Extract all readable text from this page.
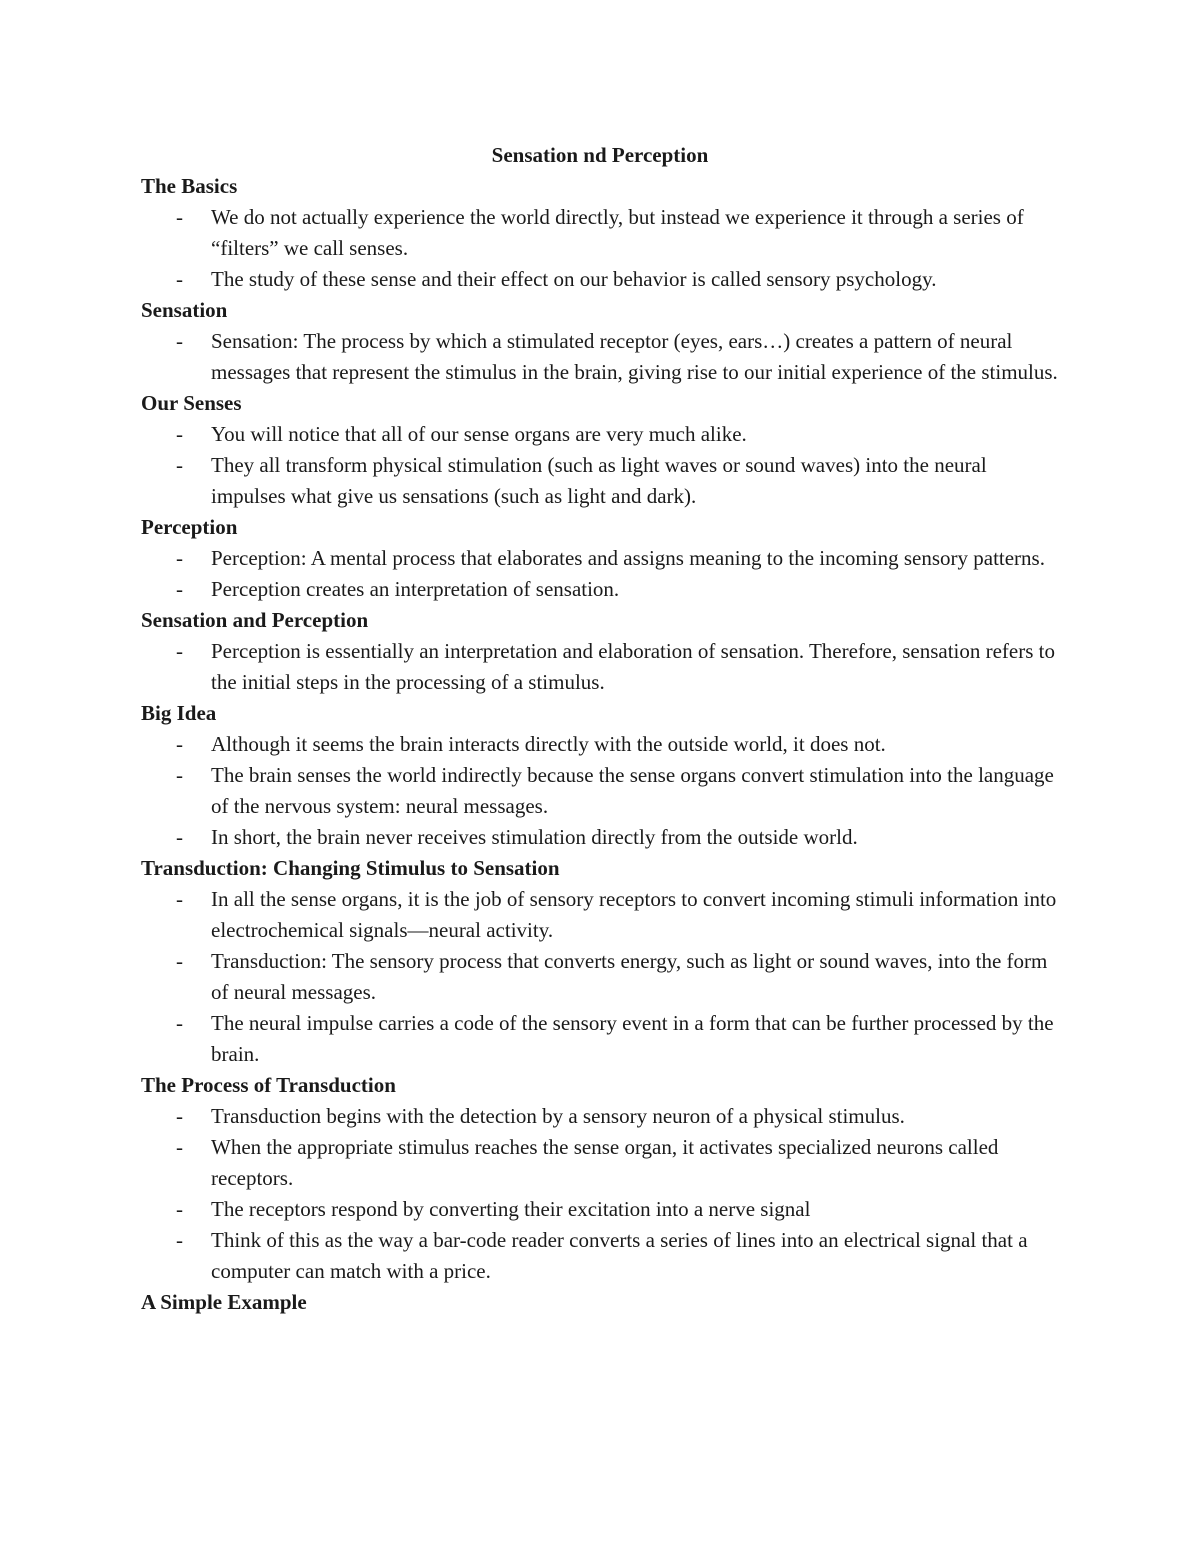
Sensation nd Perception
The Basics
-	We do not actually experience the world directly, but instead we experience it through a series of “filters” we call senses.
-	The study of these sense and their effect on our behavior is called sensory psychology.
Sensation
-	Sensation: The process by which a stimulated receptor (eyes, ears…) creates a pattern of neural messages that represent the stimulus in the brain, giving rise to our initial experience of the stimulus.
Our Senses
-	You will notice that all of our sense organs are very much alike.
-	They all transform physical stimulation (such as light waves or sound waves) into the neural impulses what give us sensations (such as light and dark).
Perception
-	Perception: A mental process that elaborates and assigns meaning to the incoming sensory patterns.
-	Perception creates an interpretation of sensation.
Sensation and Perception
-	Perception is essentially an interpretation and elaboration of sensation. Therefore, sensation refers to the initial steps in the processing of a stimulus.
Big Idea
-	Although it seems the brain interacts directly with the outside world, it does not.
-	The brain senses the world indirectly because the sense organs convert stimulation into the language of the nervous system: neural messages.
-	In short, the brain never receives stimulation directly from the outside world.
Transduction: Changing Stimulus to Sensation
-	In all the sense organs, it is the job of sensory receptors to convert incoming stimuli information into electrochemical signals—neural activity.
-	Transduction: The sensory process that converts energy, such as light or sound waves, into the form of neural messages.
-	The neural impulse carries a code of the sensory event in a form that can be further processed by the brain.
The Process of Transduction
-	Transduction begins with the detection by a sensory neuron of a physical stimulus.
-	When the appropriate stimulus reaches the sense organ, it activates specialized neurons called receptors.
-	The receptors respond by converting their excitation into a nerve signal
-	Think of this as the way a bar-code reader converts a series of lines into an electrical signal that a computer can match with a price.
A Simple Example
